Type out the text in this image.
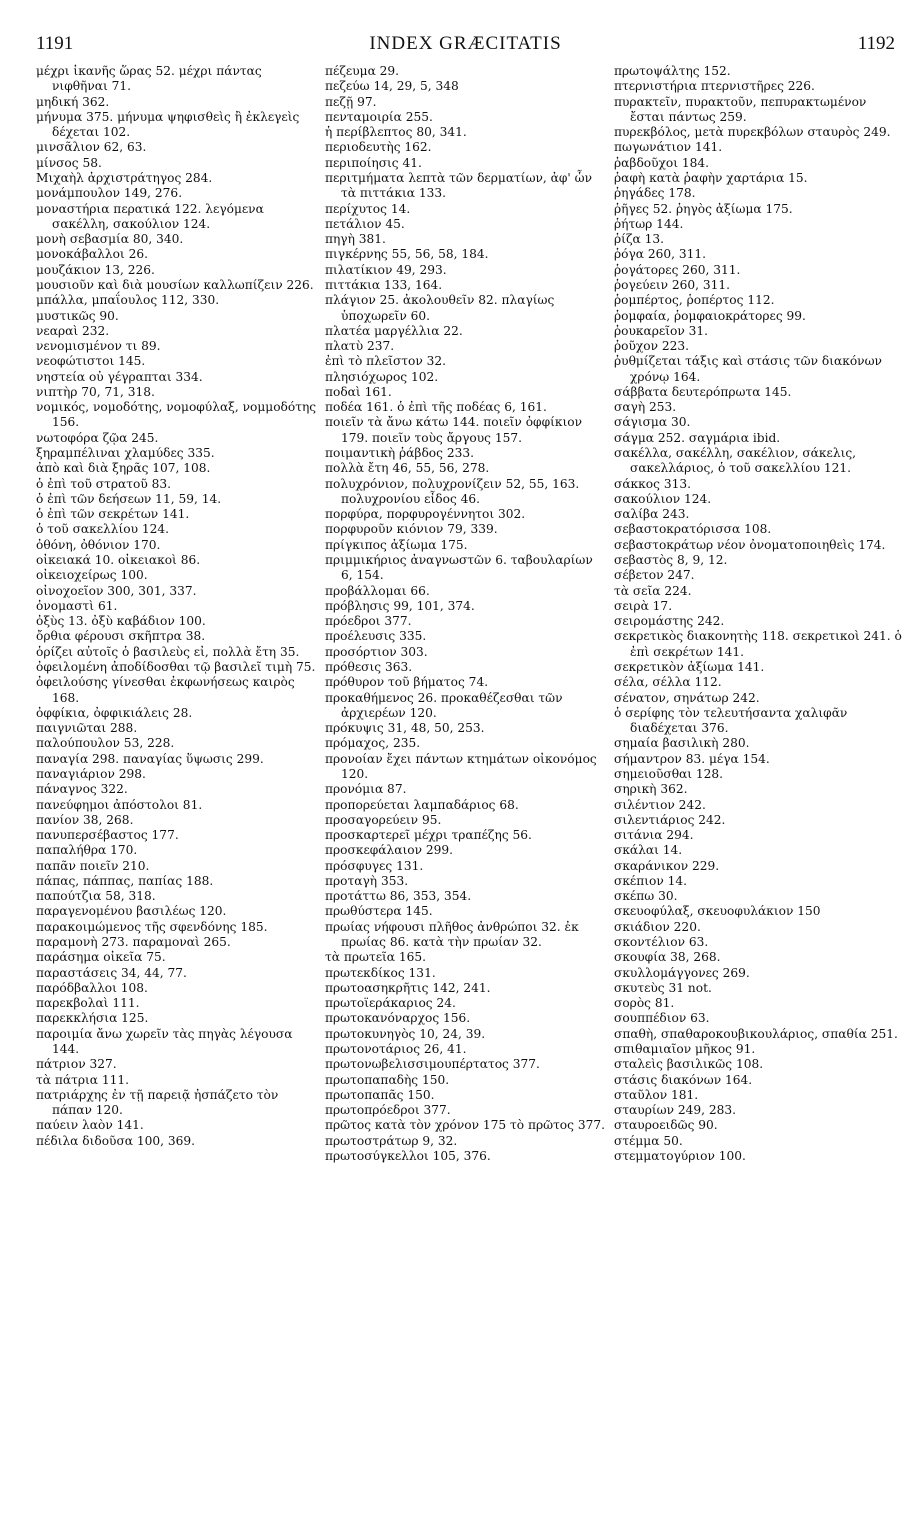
1191	INDEX GRÆCITATIS	1192
μέχρι ἱκανῆς ὥρας 52. μέχρι πάντας νιφθῆναι 71.
μηδική 362.
μήνυμα 375. μήνυμα ψηφισθεὶς ἢ ἐκλεγεὶς δέχεται 102.
μινσᾶλιον 62, 63.
μίνσος 58.
Μιχαὴλ ἀρχιστράτηγος 284.
μονάμπουλον 149, 276.
μοναστήρια περατικά 122. λεγόμενα σακέλλη, σακούλιον 124.
μονὴ σεβασμία 80, 340.
μονοκάβαλλοι 26.
μουζάκιον 13, 226.
μουσιοῦν καὶ διὰ μουσίων καλλωπίζειν 226.
μπάλλα, μπαΐουλος 112, 330.
μυστικῶς 90.
νεαραὶ 232.
νενομισμένον τι 89.
νεοφώτιστοι 145.
νηστεία οὐ γέγραπται 334.
νιπτὴρ 70, 71, 318.
νομικός, νομοδότης, νομοφύλαξ, νομμοδότης 156.
νωτοφόρα ζῷα 245.
ξηραμπέλιναι χλαμύδες 335.
ἀπὸ καὶ διὰ ξηρᾶς 107, 108.
ὁ ἐπὶ τοῦ στρατοῦ 83.
ὁ ἐπὶ τῶν δεήσεων 11, 59, 14.
ὁ ἐπὶ τῶν σεκρέτων 141.
ὁ τοῦ σακελλίου 124.
ὀθόνη, ὀθόνιον 170.
οἰκειακά 10. οἰκειακοὶ 86.
οἰκειοχείρως 100.
οἰνοχοεῖον 300, 301, 337.
ὀνομαστὶ 61.
ὀξὺς 13. ὀξὺ καβάδιον 100.
ὄρθια φέρουσι σκῆπτρα 38.
ὁρίζει αὐτοῖς ὁ βασιλεὺς εἰ, πολλὰ ἔτη 35.
ὀφειλομένη ἀποδίδοσθαι τῷ βασιλεῖ τιμὴ 75.
ὀφειλούσης γίνεσθαι ἐκφωνήσεως καιρὸς 168.
ὀφφίκια, ὀφφικιάλεις 28.
παιγνιῶται 288.
παλούπουλον 53, 228.
παναγία 298. παναγίας ὕψωσις 299.
παναγιάριον 298.
πάναγνος 322.
πανεύφημοι ἀπόστολοι 81.
πανίον 38, 268.
πανυπερσέβαστος 177.
παπαλήθρα 170.
παπᾶν ποιεῖν 210.
πάπας, πάππας, παπίας 188.
παπούτζια 58, 318.
παραγενομένου βασιλέως 120.
παρακοιμώμενος τῆς σφενδόνης 185.
παραμονὴ 273. παραμοναὶ 265.
παράσημα οἰκεῖα 75.
παραστάσεις 34, 44, 77.
παρόδβαλλοι 108.
παρεκβολαὶ 111.
παρεκκλήσια 125.
παροιμία ἄνω χωρεῖν τὰς πηγὰς λέγουσα 144.
πάτριον 327.
τὰ πάτρια 111.
πατριάρχης ἐν τῇ παρειᾷ ἠσπάζετο τὸν πάπαν 120.
παύειν λαὸν 141.
πέδιλα διδοῦσα 100, 369.
πέζευμα 29.
πεζεύω 14, 29, 5, 348
πεζῇ 97.
πενταμοιρία 255.
ἡ περίβλεπτος 80, 341.
περιοδευτὴς 162.
περιποίησις 41.
περιτμήματα λεπτὰ τῶν δερματίων, ἀφ' ὧν τὰ πιττάκια 133.
περίχυτος 14.
πετάλιον 45.
πηγὴ 381.
πιγκέρνης 55, 56, 58, 184.
πιλατίκιον 49, 293.
πιττάκια 133, 164.
πλάγιον 25. ἀκολουθεῖν 82. πλαγίως ὑποχωρεῖν 60.
πλατέα μαργέλλια 22.
πλατὺ 237.
ἐπὶ τὸ πλεῖστον 32.
πλησιόχωρος 102.
ποδαὶ 161.
ποδέα 161. ὁ ἐπὶ τῆς ποδέας 6, 161.
ποιεῖν τὰ ἄνω κάτω 144. ποιεῖν ὀφφίκιον 179. ποιεῖν τοὺς ἄργους 157.
ποιμαντικὴ ῥάβδος 233.
πολλὰ ἔτη 46, 55, 56, 278.
πολυχρόνιον, πολυχρονίζειν 52, 55, 163. πολυχρονίου εἶδος 46.
πορφύρα, πορφυρογέννητοι 302.
πορφυροῦν κιόνιον 79, 339.
πρίγκιπος ἀξίωμα 175.
πριμμικήριος ἀναγνωστῶν 6. ταβουλαρίων 6, 154.
προβάλλομαι 66.
πρόβλησις 99, 101, 374.
πρόεδροι 377.
προέλευσις 335.
προσόρτιον 303.
πρόθεσις 363.
πρόθυρον τοῦ βήματος 74.
προκαθήμενος 26. προκαθέζεσθαι τῶν ἀρχιερέων 120.
πρόκυψις 31, 48, 50, 253.
πρόμαχος, 235.
προνοίαν ἔχει πάντων κτημάτων οἰκονόμος 120.
προνόμια 87.
προπορεύεται λαμπαδάριος 68.
προσαγορεύειν 95.
προσκαρτερεῖ μέχρι τραπέζης 56.
προσκεφάλαιον 299.
πρόσφυγες 131.
προταγὴ 353.
προτάττω 86, 353, 354.
πρωθύστερα 145.
πρωίας νήφουσι πλῆθος ἀνθρώποι 32. ἐκ πρωίας 86. κατὰ τὴν πρωίαν 32.
τὰ πρωτεῖα 165.
πρωτεκδίκος 131.
πρωτοασηκρῆτις 142, 241.
πρωτοϊεράκαριος 24.
πρωτοκανόναρχος 156.
πρωτοκυνηγὸς 10, 24, 39.
πρωτονοτάριος 26, 41.
πρωτονωβελισσιμουπέρτατος 377.
πρωτοπαπαδὴς 150.
πρωτοπαπᾶς 150.
πρωτοπρόεδροι 377.
πρῶτος κατὰ τὸν χρόνον 175 τὸ πρῶτος 377.
πρωτοστράτωρ 9, 32.
πρωτοσύγκελλοι 105, 376.
πρωτοψάλτης 152.
πτερνιστήρια πτερνιστῆρες 226.
πυρακτεῖν, πυρακτοῦν, πεπυρακτωμένον ἔσται πάντως 259.
πυρεκβόλος, μετὰ πυρεκβόλων σταυρὸς 249.
πωγωνάτιον 141.
ῥαβδοῦχοι 184.
ῥαφὴ κατὰ ῥαφὴν χαρτάρια 15.
ῥηγάδες 178.
ῥῆγες 52. ῥηγὸς ἀξίωμα 175.
ῥήτωρ 144.
ῥίζα 13.
ῥόγα 260, 311.
ῥογάτορες 260, 311.
ῥογεύειν 260, 311.
ῥομπέρτος, ῥοπέρτος 112.
ῥομφαία, ῥομφαιοκράτορες 99.
ῥουκαρεῖον 31.
ῥοῦχον 223.
ῥυθμίζεται τάξις καὶ στάσις τῶν διακόνων χρόνῳ 164.
σάββατα δευτερόπρωτα 145.
σαγὴ 253.
σάγισμα 30.
σάγμα 252. σαγμάρια ibid.
σακέλλα, σακέλλη, σακέλιον, σάκελις, σακελλάριος, ὁ τοῦ σακελλίου 121.
σάκκος 313.
σακούλιον 124.
σαλίβα 243.
σεβαστοκρατόρισσα 108.
σεβαστοκράτωρ νέον ὀνοματοποιηθεὶς 174.
σεβαστὸς 8, 9, 12.
σέβετον 247.
τὰ σεῖα 224.
σειρὰ 17.
σειρομάστης 242.
σεκρετικὸς διακονητὴς 118. σεκρετικοὶ 241. ὁ ἐπὶ σεκρέτων 141.
σεκρετικὸν ἀξίωμα 141.
σέλα, σέλλα 112.
σένατον, σηνάτωρ 242.
ὁ σερίφης τὸν τελευτήσαντα χαλιφᾶν διαδέχεται 376.
σημαία βασιλικὴ 280.
σήμαντρον 83. μέγα 154.
σημειοῦσθαι 128.
σηρικὴ 362.
σιλέντιον 242.
σιλεντιάριος 242.
σιτάνια 294.
σκάλαι 14.
σκαράνικον 229.
σκέπιον 14.
σκέπω 30.
σκευοφύλαξ, σκευοφυλάκιον 150
σκιάδιον 220.
σκοντέλιον 63.
σκουφία 38, 268.
σκυλλομάγγονες 269.
σκυτεὺς 31 not.
σορὸς 81.
σουππέδιον 63.
σπαθὴ, σπαθαροκουβικουλάριος, σπαθία 251.
σπιθαμιαῖον μῆκος 91.
σταλεὶς βασιλικῶς 108.
στάσις διακόνων 164.
σταῦλον 181.
σταυρίων 249, 283.
σταυροειδῶς 90.
στέμμα 50.
στεμματογύριον 100.
